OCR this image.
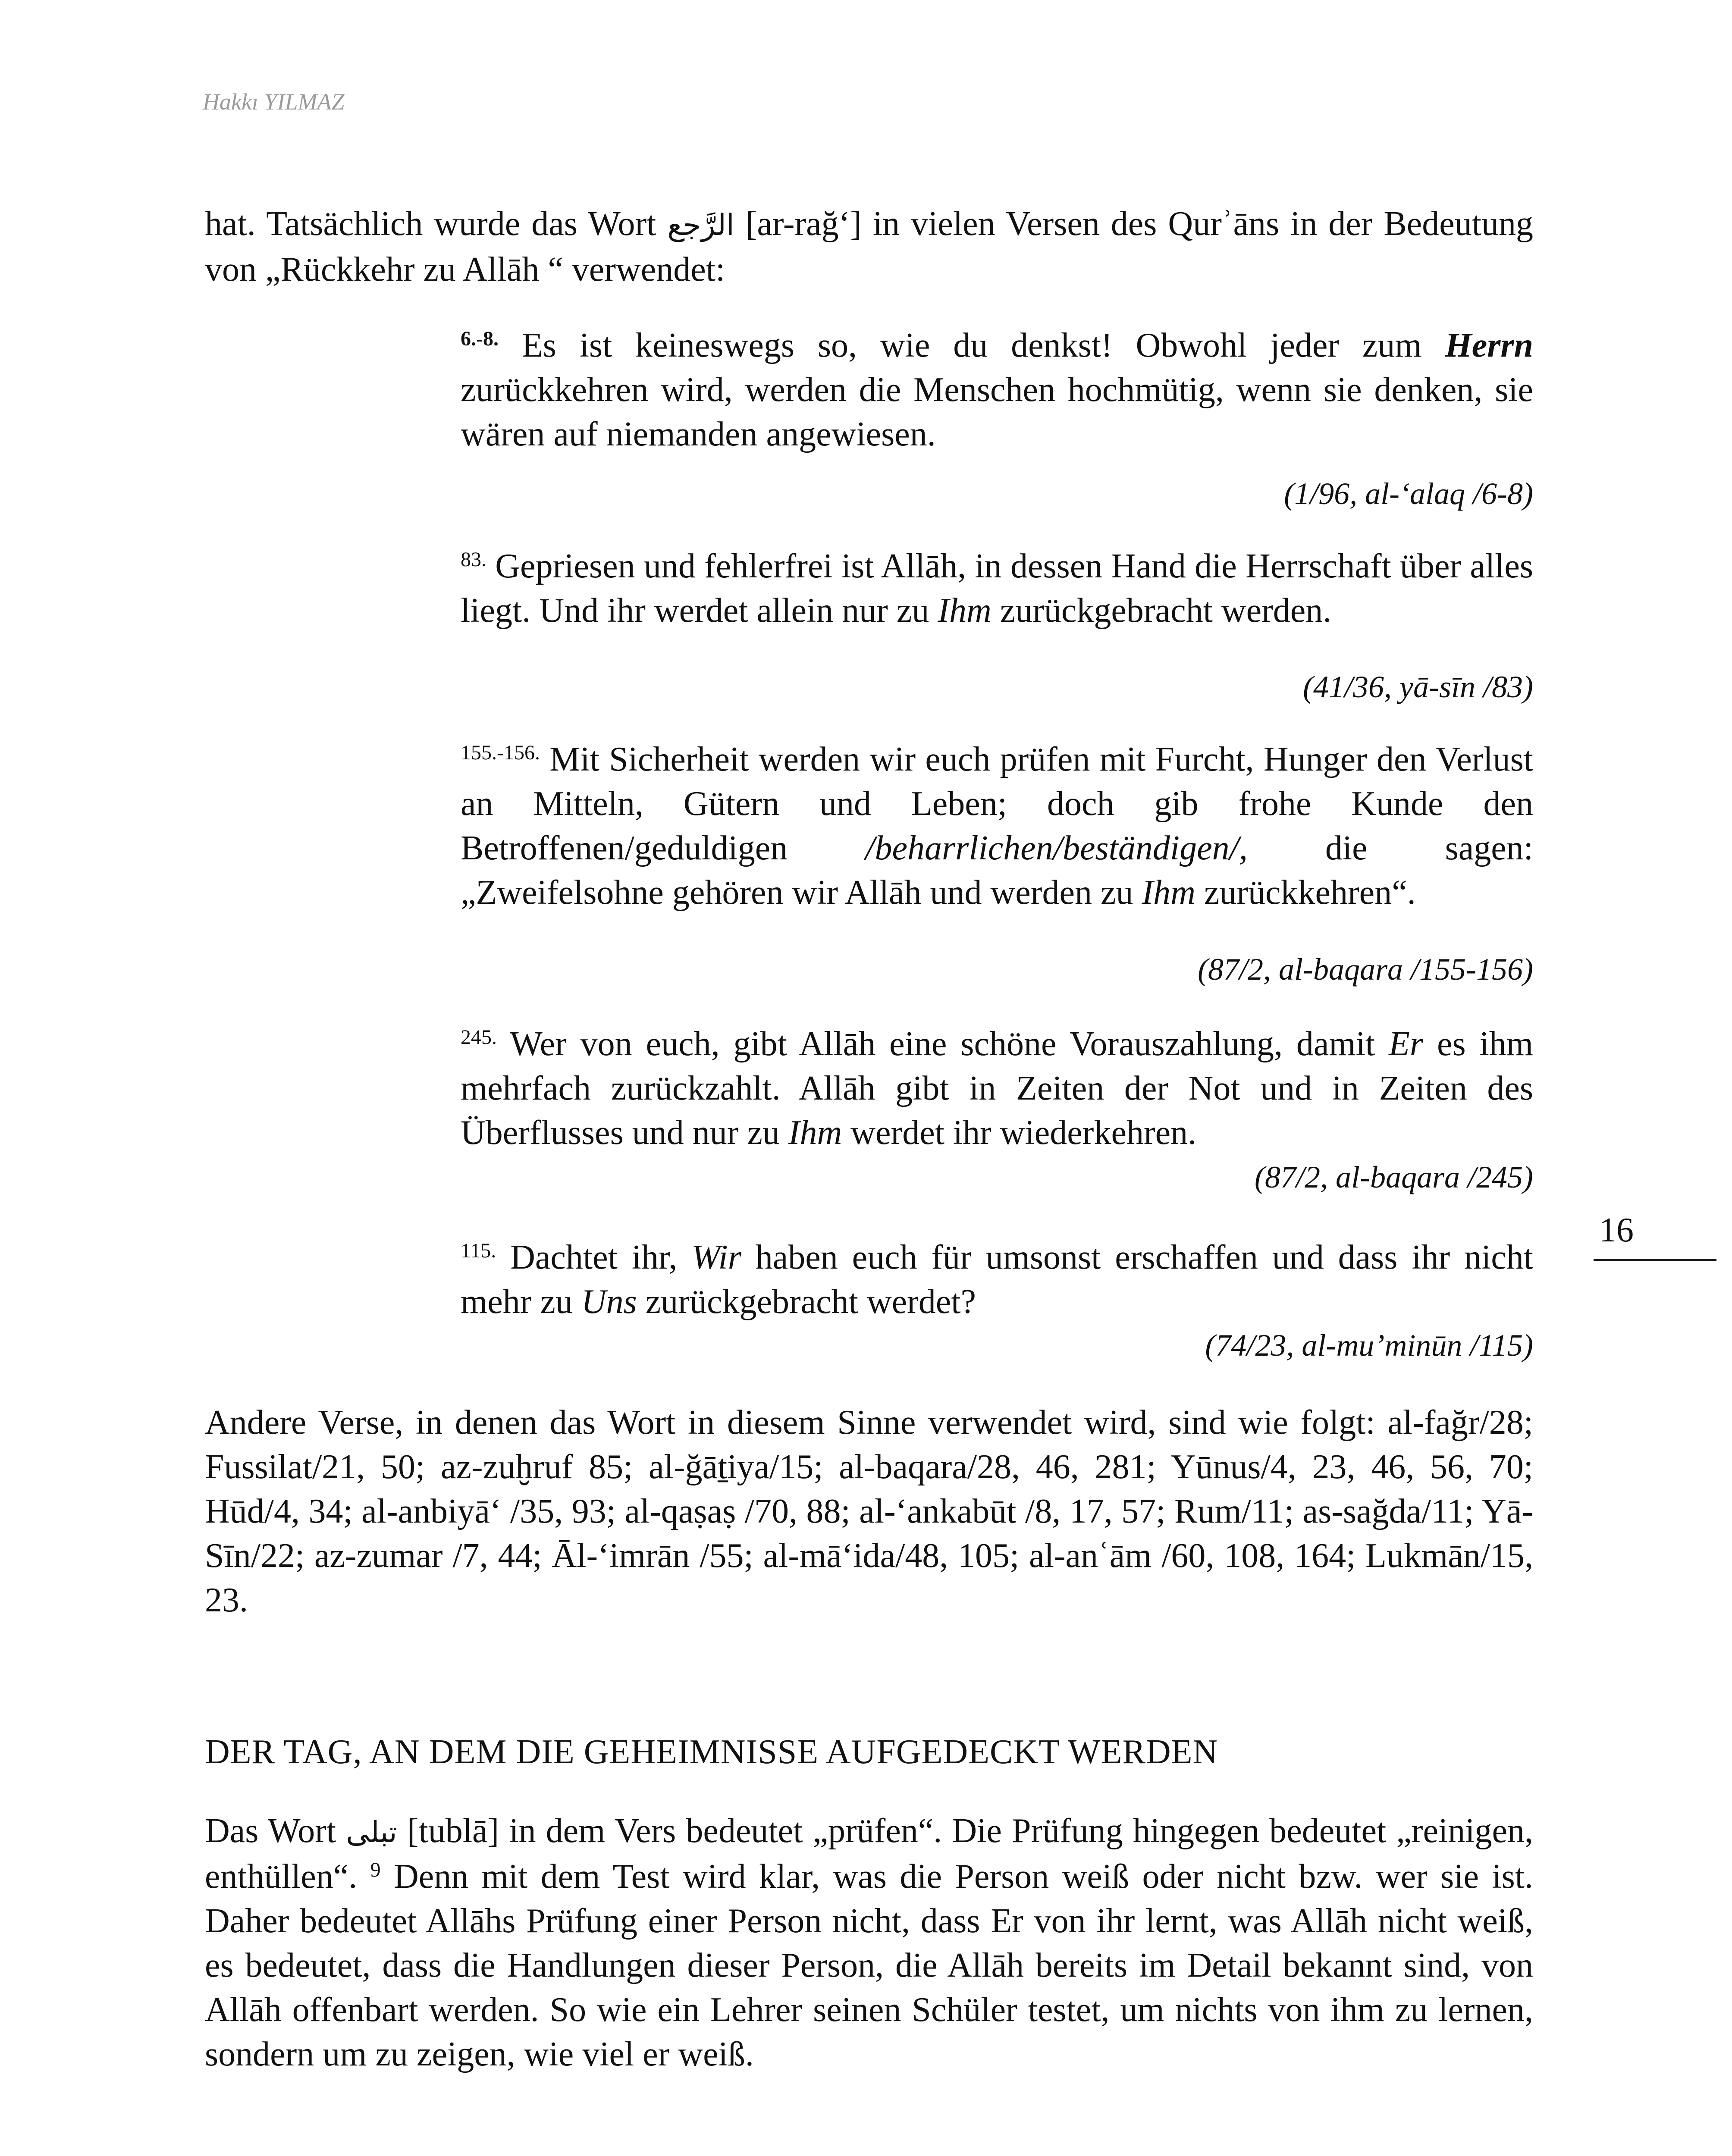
Hakkı YILMAZ
hat. Tatsächlich wurde das Wort الرَّجع [ar-rağ‘] in vielen Versen des Qurʾāns in der Bedeutung von „Rückkehr zu Allāh “ verwendet:
$^{6.-8.}$ Es ist keineswegs so, wie du denkst! Obwohl jeder zum Herrn zurückkehren wird, werden die Menschen hochmütig, wenn sie denken, sie wären auf niemanden angewiesen.
(1/96, al-‘alaq /6-8)
$^{83.}$ Gepriesen und fehlerfrei ist Allāh, in dessen Hand die Herrschaft über alles liegt. Und ihr werdet allein nur zu Ihm zurückgebracht werden.
(41/36, yā-sīn /83)
$^{155.-156.}$ Mit Sicherheit werden wir euch prüfen mit Furcht, Hunger den Verlust an Mitteln, Gütern und Leben; doch gib frohe Kunde den Betroffenen/geduldigen /beharrlichen/beständigen/, die sagen: „Zweifelsohne gehören wir Allāh und werden zu Ihm zurückkehren“.
(87/2, al-baqara /155-156)
$^{245.}$ Wer von euch, gibt Allāh eine schöne Vorauszahlung, damit Er es ihm mehrfach zurückzahlt. Allāh gibt in Zeiten der Not und in Zeiten des Überflusses und nur zu Ihm werdet ihr wiederkehren.
(87/2, al-baqara /245)
$^{115.}$ Dachtet ihr, Wir haben euch für umsonst erschaffen und dass ihr nicht mehr zu Uns zurückgebracht werdet?
(74/23, al-mu’minūn /115)
Andere Verse, in denen das Wort in diesem Sinne verwendet wird, sind wie folgt: al-fağr/28; Fussilat/21, 50; az-zuḫruf 85; al-ğāṯiya/15; al-baqara/28, 46, 281; Yūnus/4, 23, 46, 56, 70; Hūd/4, 34; al-anbiyā‘ /35, 93; al-qaṣaṣ /70, 88; al-‘ankabūt /8, 17, 57; Rum/11; as-sağda/11; Yā-Sīn/22; az-zumar /7, 44; Āl-‘imrān /55; al-mā‘ida/48, 105; al-anʿām /60, 108, 164; Lukmān/15, 23.
DER TAG, AN DEM DIE GEHEIMNISSE AUFGEDECKT WERDEN
Das Wort تبلى [tublā] in dem Vers bedeutet „prüfen“. Die Prüfung hingegen bedeutet „reinigen, enthüllen“. $^9$ Denn mit dem Test wird klar, was die Person weiß oder nicht bzw. wer sie ist. Daher bedeutet Allāhs Prüfung einer Person nicht, dass Er von ihr lernt, was Allāh nicht weiß, es bedeutet, dass die Handlungen dieser Person, die Allāh bereits im Detail bekannt sind, von Allāh offenbart werden. So wie ein Lehrer seinen Schüler testet, um nichts von ihm zu lernen, sondern um zu zeigen, wie viel er weiß.
16
